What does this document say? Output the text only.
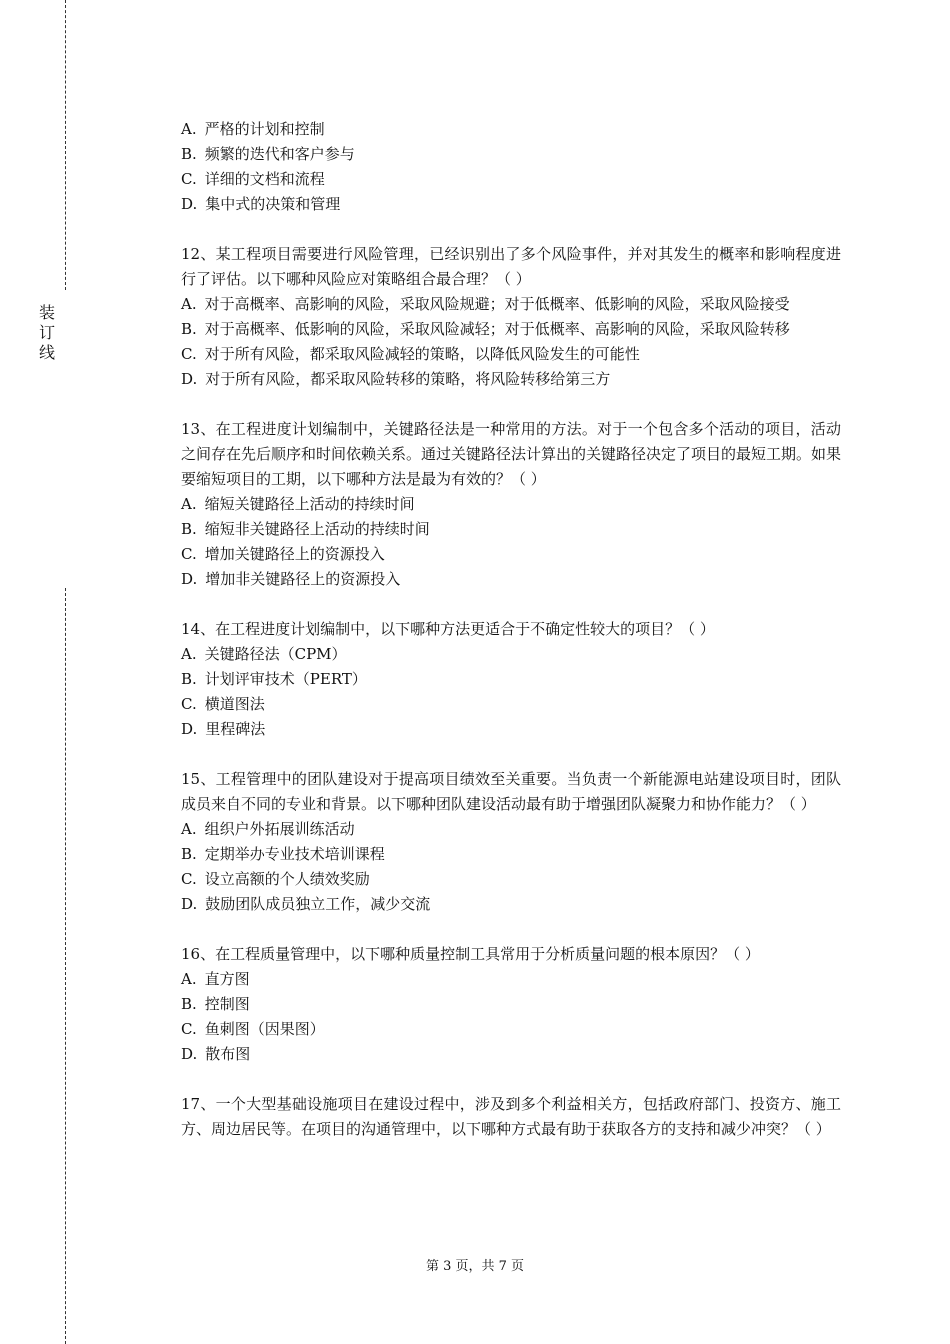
装
订
线

A. 严格的计划和控制

B. 频繁的迭代和客户参与

C. 详细的文档和流程

D. 集中式的决策和管理

12、某工程项目需要进行风险管理，已经识别出了多个风险事件，并对其发生的概率和影响程度进行了评估。以下哪种风险应对策略组合最合理？（ ）

A. 对于高概率、高影响的风险，采取风险规避；对于低概率、低影响的风险，采取风险接受

B. 对于高概率、低影响的风险，采取风险减轻；对于低概率、高影响的风险，采取风险转移

C. 对于所有风险，都采取风险减轻的策略，以降低风险发生的可能性

D. 对于所有风险，都采取风险转移的策略，将风险转移给第三方

13、在工程进度计划编制中，关键路径法是一种常用的方法。对于一个包含多个活动的项目，活动之间存在先后顺序和时间依赖关系。通过关键路径法计算出的关键路径决定了项目的最短工期。如果要缩短项目的工期，以下哪种方法是最为有效的？（ ）

A. 缩短关键路径上活动的持续时间

B. 缩短非关键路径上活动的持续时间

C. 增加关键路径上的资源投入

D. 增加非关键路径上的资源投入

14、在工程进度计划编制中，以下哪种方法更适合于不确定性较大的项目？（ ）

A. 关键路径法（CPM）

B. 计划评审技术（PERT）

C. 横道图法

D. 里程碑法

15、工程管理中的团队建设对于提高项目绩效至关重要。当负责一个新能源电站建设项目时，团队成员来自不同的专业和背景。以下哪种团队建设活动最有助于增强团队凝聚力和协作能力？（ ）

A. 组织户外拓展训练活动

B. 定期举办专业技术培训课程

C. 设立高额的个人绩效奖励

D. 鼓励团队成员独立工作，减少交流

16、在工程质量管理中，以下哪种质量控制工具常用于分析质量问题的根本原因？（ ）

A. 直方图

B. 控制图

C. 鱼刺图（因果图）

D. 散布图

17、一个大型基础设施项目在建设过程中，涉及到多个利益相关方，包括政府部门、投资方、施工方、周边居民等。在项目的沟通管理中，以下哪种方式最有助于获取各方的支持和减少冲突？（ ）

第 3 页，共 7 页
